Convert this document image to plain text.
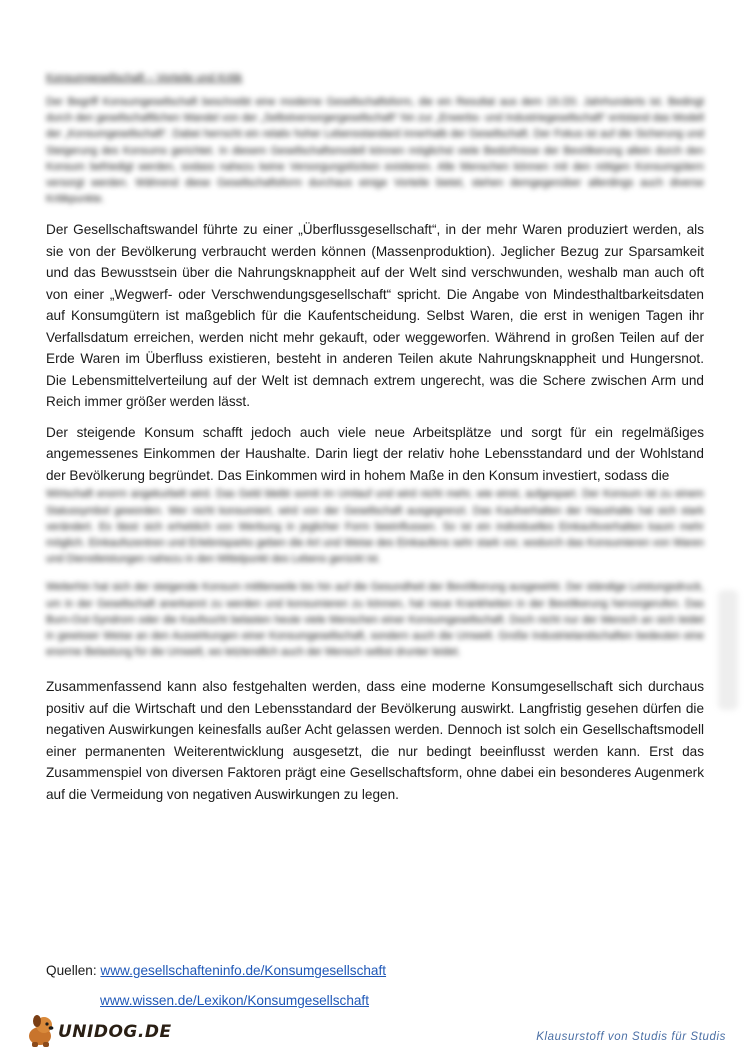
Konsumgesellschaft – Vorteile und Kritik

Der Begriff Konsumgesellschaft beschreibt eine moderne Gesellschaftsform, die ein Resultat aus dem 19./20. Jahrhunderts ist. Bedingt durch den gesellschaftlichen Wandel von der „Selbstversorgergesellschaft“ hin zur „Erwerbs- und Industriegesellschaft“ entstand das Modell der „Konsumgesellschaft“. Dabei herrscht ein relativ hoher Lebensstandard innerhalb der Gesellschaft. Der Fokus ist auf die Sicherung und Steigerung des Konsums gerichtet. In diesem Gesellschaftsmodell können möglichst viele Bedürfnisse der Bevölkerung allein durch den Konsum befriedigt werden, sodass nahezu keine Versorgungslücken existieren. Alle Menschen können mit den nötigen Konsumgütern versorgt werden. Während diese Gesellschaftsform durchaus einige Vorteile bietet, stehen demgegenüber allerdings auch diverse Kritikpunkte.

Der Gesellschaftswandel führte zu einer „Überflussgesellschaft“, in der mehr Waren produziert werden, als sie von der Bevölkerung verbraucht werden können (Massenproduktion). Jeglicher Bezug zur Sparsamkeit und das Bewusstsein über die Nahrungsknappheit auf der Welt sind verschwunden, weshalb man auch oft von einer „Wegwerf- oder Verschwendungsgesellschaft“ spricht. Die Angabe von Mindesthaltbarkeitsdaten auf Konsumgütern ist maßgeblich für die Kaufentscheidung. Selbst Waren, die erst in wenigen Tagen ihr Verfallsdatum erreichen, werden nicht mehr gekauft, oder weggeworfen. Während in großen Teilen auf der Erde Waren im Überfluss existieren, besteht in anderen Teilen akute Nahrungsknappheit und Hungersnot. Die Lebensmittelverteilung auf der Welt ist demnach extrem ungerecht, was die Schere zwischen Arm und Reich immer größer werden lässt.

Der steigende Konsum schafft jedoch auch viele neue Arbeitsplätze und sorgt für ein regelmäßiges angemessenes Einkommen der Haushalte. Darin liegt der relativ hohe Lebensstandard und der Wohlstand der Bevölkerung begründet. Das Einkommen wird in hohem Maße in den Konsum investiert, sodass die

Wirtschaft enorm angekurbelt wird. Das Geld bleibt somit im Umlauf und wird nicht mehr, wie einst, aufgespart. Der Konsum ist zu einem Statussymbol geworden. Wer nicht konsumiert, wird von der Gesellschaft ausgegrenzt. Das Kaufverhalten der Haushalte hat sich stark verändert. Es lässt sich erheblich von Werbung in jeglicher Form beeinflussen. So ist ein individuelles Einkaufsverhalten kaum mehr möglich. Einkaufszentren und Erlebnisparks geben die Art und Weise des Einkaufens sehr stark vor, wodurch das Konsumieren von Waren und Dienstleistungen nahezu in den Mittelpunkt des Lebens gerückt ist.

Weiterhin hat sich der steigende Konsum mittlerweile bis hin auf die Gesundheit der Bevölkerung ausgewirkt. Der ständige Leistungsdruck, um in der Gesellschaft anerkannt zu werden und konsumieren zu können, hat neue Krankheiten in der Bevölkerung hervorgerufen. Das Burn-Out-Syndrom oder die Kaufsucht belasten heute viele Menschen einer Konsumgesellschaft. Doch nicht nur der Mensch an sich leidet in gewisser Weise an den Auswirkungen einer Konsumgesellschaft, sondern auch die Umwelt. Große Industrielandschaften bedeuten eine enorme Belastung für die Umwelt, wo letztendlich auch der Mensch selbst drunter leidet.

Zusammenfassend kann also festgehalten werden, dass eine moderne Konsumgesellschaft sich durchaus positiv auf die Wirtschaft und den Lebensstandard der Bevölkerung auswirkt. Langfristig gesehen dürfen die negativen Auswirkungen keinesfalls außer Acht gelassen werden. Dennoch ist solch ein Gesellschaftsmodell einer permanenten Weiterentwicklung ausgesetzt, die nur bedingt beeinflusst werden kann. Erst das Zusammenspiel von diversen Faktoren prägt eine Gesellschaftsform, ohne dabei ein besonderes Augenmerk auf die Vermeidung von negativen Auswirkungen zu legen.

Quellen: www.gesellschafteninfo.de/Konsumgesellschaft
www.wissen.de/Lexikon/Konsumgesellschaft
UNIDOG.DE	Klausurstoff von Studis für Studis
